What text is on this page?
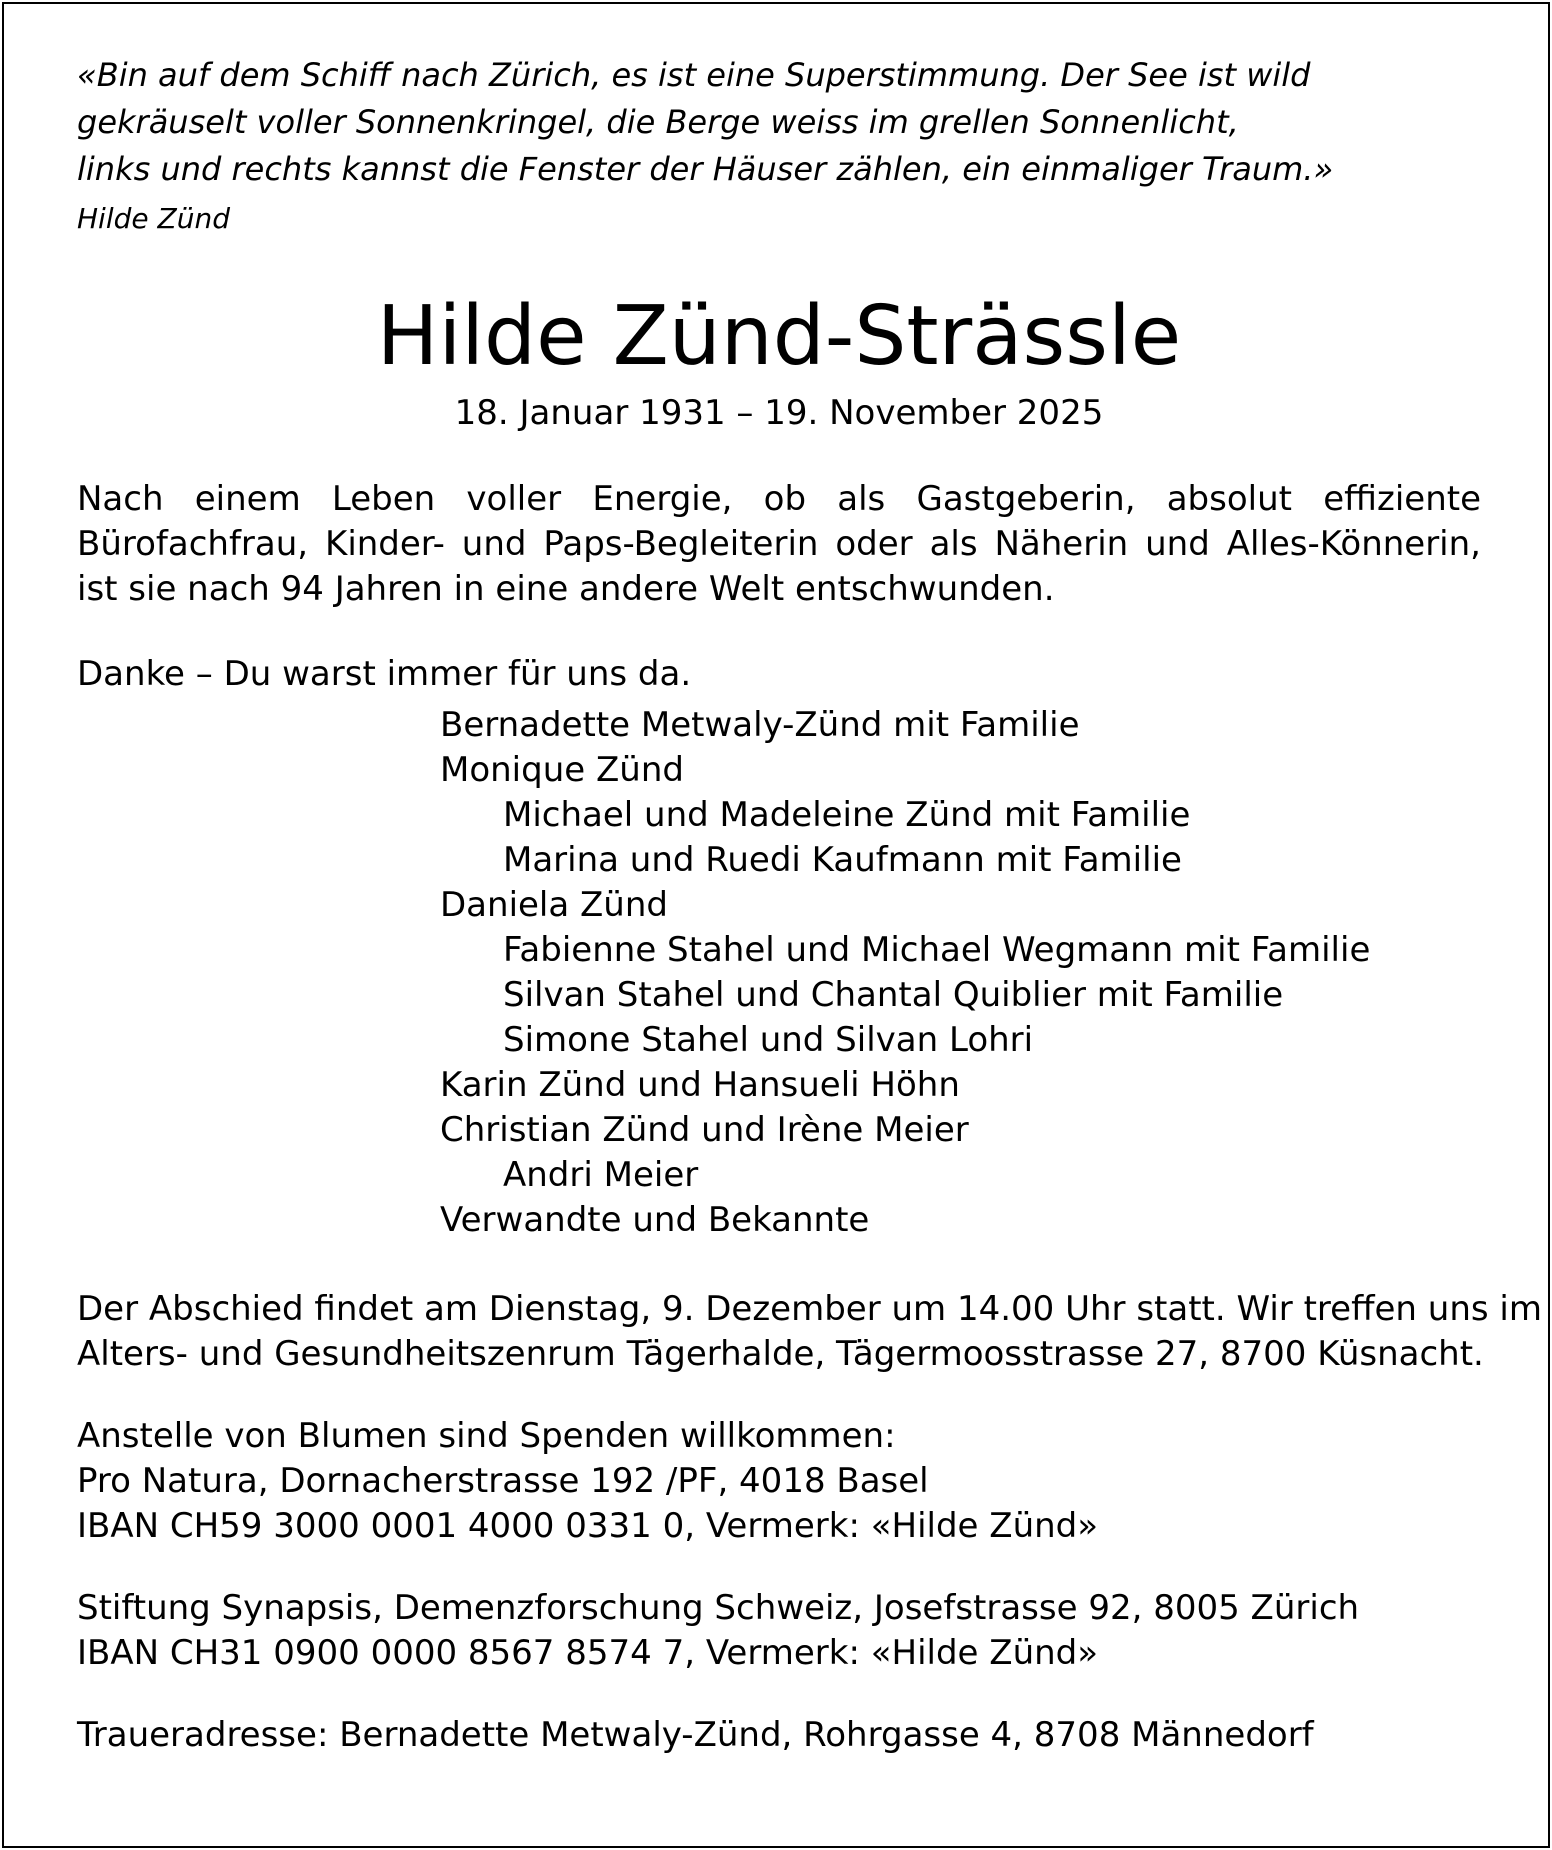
«Bin auf dem Schiff nach Zürich, es ist eine Superstimmung. Der See ist wild
gekräuselt voller Sonnenkringel, die Berge weiss im grellen Sonnenlicht,
links und rechts kannst die Fenster der Häuser zählen, ein einmaliger Traum.»
Hilde Zünd
Hilde Zünd-Strässle
18. Januar 1931 – 19. November 2025
Nach einem Leben voller Energie, ob als Gastgeberin, absolut effiziente Bürofachfrau, Kinder- und Paps-Begleiterin oder als Näherin und Alles-Könnerin, ist sie nach 94 Jahren in eine andere Welt entschwunden.
Danke – Du warst immer für uns da.
Bernadette Metwaly-Zünd mit Familie
Monique Zünd
Michael und Madeleine Zünd mit Familie
Marina und Ruedi Kaufmann mit Familie
Daniela Zünd
Fabienne Stahel und Michael Wegmann mit Familie
Silvan Stahel und Chantal Quiblier mit Familie
Simone Stahel und Silvan Lohri
Karin Zünd und Hansueli Höhn
Christian Zünd und Irène Meier
Andri Meier
Verwandte und Bekannte
Der Abschied findet am Dienstag, 9. Dezember um 14.00 Uhr statt. Wir treffen uns im
Alters- und Gesundheitszenrum Tägerhalde, Tägermoosstrasse 27, 8700 Küsnacht.
Anstelle von Blumen sind Spenden willkommen:
Pro Natura, Dornacherstrasse 192 /PF, 4018 Basel
IBAN CH59 3000 0001 4000 0331 0, Vermerk: «Hilde Zünd»
Stiftung Synapsis, Demenzforschung Schweiz, Josefstrasse 92, 8005 Zürich
IBAN CH31 0900 0000 8567 8574 7, Vermerk: «Hilde Zünd»
Traueradresse: Bernadette Metwaly-Zünd, Rohrgasse 4, 8708 Männedorf
